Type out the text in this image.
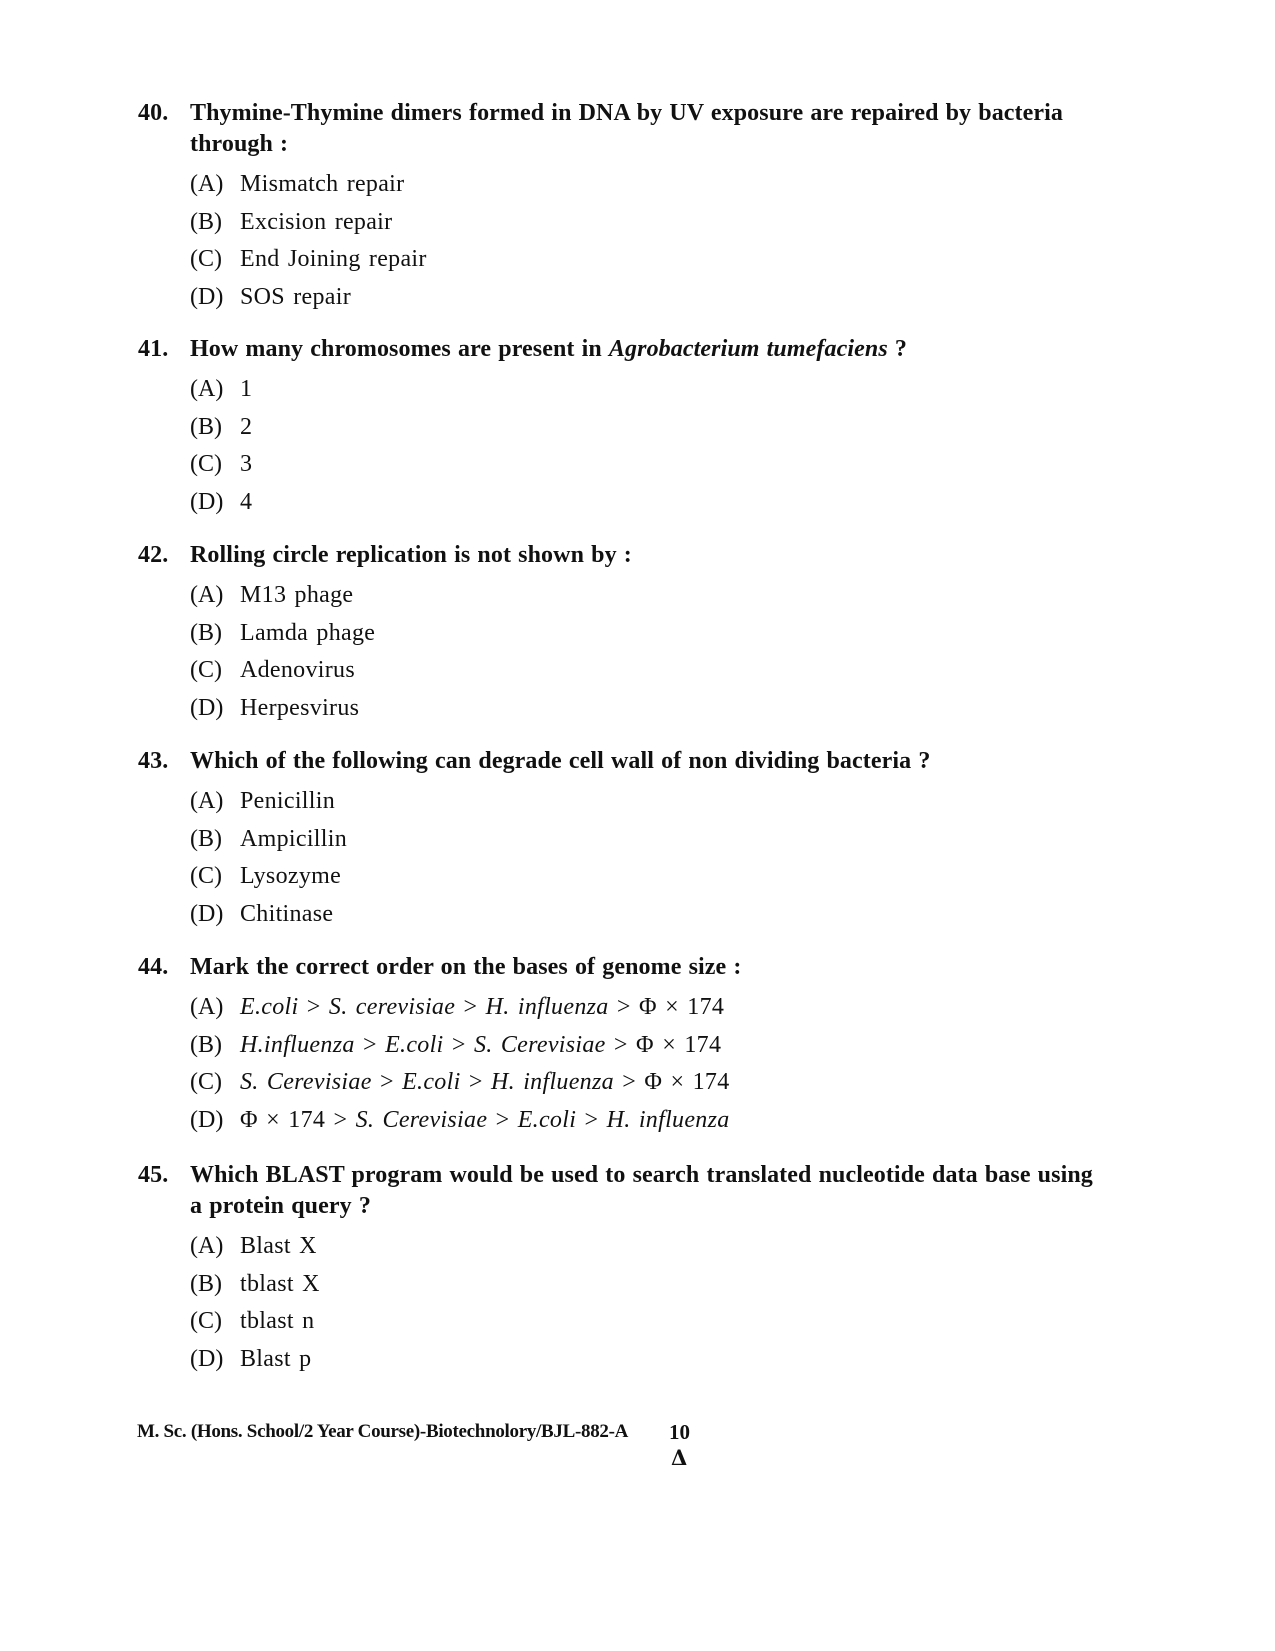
40. Thymine-Thymine dimers formed in DNA by UV exposure are repaired by bacteria through :
(A) Mismatch repair
(B) Excision repair
(C) End Joining repair
(D) SOS repair
41. How many chromosomes are present in Agrobacterium tumefaciens ?
(A) 1
(B) 2
(C) 3
(D) 4
42. Rolling circle replication is not shown by :
(A) M13 phage
(B) Lamda phage
(C) Adenovirus
(D) Herpesvirus
43. Which of the following can degrade cell wall of non dividing bacteria ?
(A) Penicillin
(B) Ampicillin
(C) Lysozyme
(D) Chitinase
44. Mark the correct order on the bases of genome size :
(A) E.coli > S. cerevisiae > H. influenza > Φ × 174
(B) H.influenza > E.coli > S. Cerevisiae > Φ × 174
(C) S. Cerevisiae > E.coli > H. influenza > Φ × 174
(D) Φ × 174 > S. Cerevisiae > E.coli > H. influenza
45. Which BLAST program would be used to search translated nucleotide data base using a protein query ?
(A) Blast X
(B) tblast X
(C) tblast n
(D) Blast p
M. Sc. (Hons. School/2 Year Course)-Biotechnolory/BJL-882-A 10
Δ
